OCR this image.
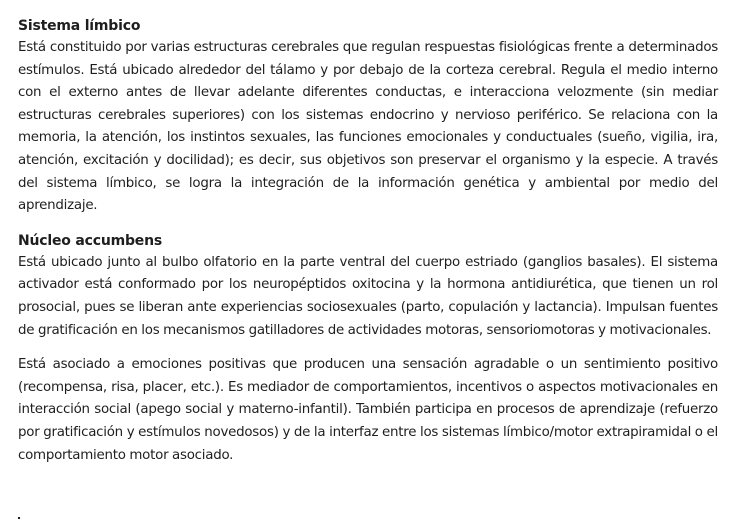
Sistema límbico

Está constituido por varias estructuras cerebrales que regulan respuestas fisiológicas frente a determinados estímulos. Está ubicado alrededor del tálamo y por debajo de la corteza cerebral. Regula el medio interno con el externo antes de llevar adelante diferentes conductas, e interacciona velozmente (sin mediar estructuras cerebrales superiores) con los sistemas endocrino y nervioso periférico. Se relaciona con la memoria, la atención, los instintos sexuales, las funciones emocionales y conductuales (sueño, vigilia, ira, atención, excitación y docilidad); es decir, sus objetivos son preservar el organismo y la especie. A través del sistema límbico, se logra la integración de la información genética y ambiental por medio del aprendizaje.

Núcleo accumbens

Está ubicado junto al bulbo olfatorio en la parte ventral del cuerpo estriado (ganglios basales). El sistema activador está conformado por los neuropéptidos oxitocina y la hormona antidiurética, que tienen un rol prosocial, pues se liberan ante experiencias sociosexuales (parto, copulación y lactancia). Impulsan fuentes de gratificación en los mecanismos gatilladores de actividades motoras, sensoriomotoras y motivacionales.

Está asociado a emociones positivas que producen una sensación agradable o un sentimiento positivo (recompensa, risa, placer, etc.). Es mediador de comportamientos, incentivos o aspectos motivacionales en interacción social (apego social y materno-infantil). También participa en procesos de aprendizaje (refuerzo por gratificación y estímulos novedosos) y de la interfaz entre los sistemas límbico/motor extrapiramidal o el comportamiento motor asociado.
